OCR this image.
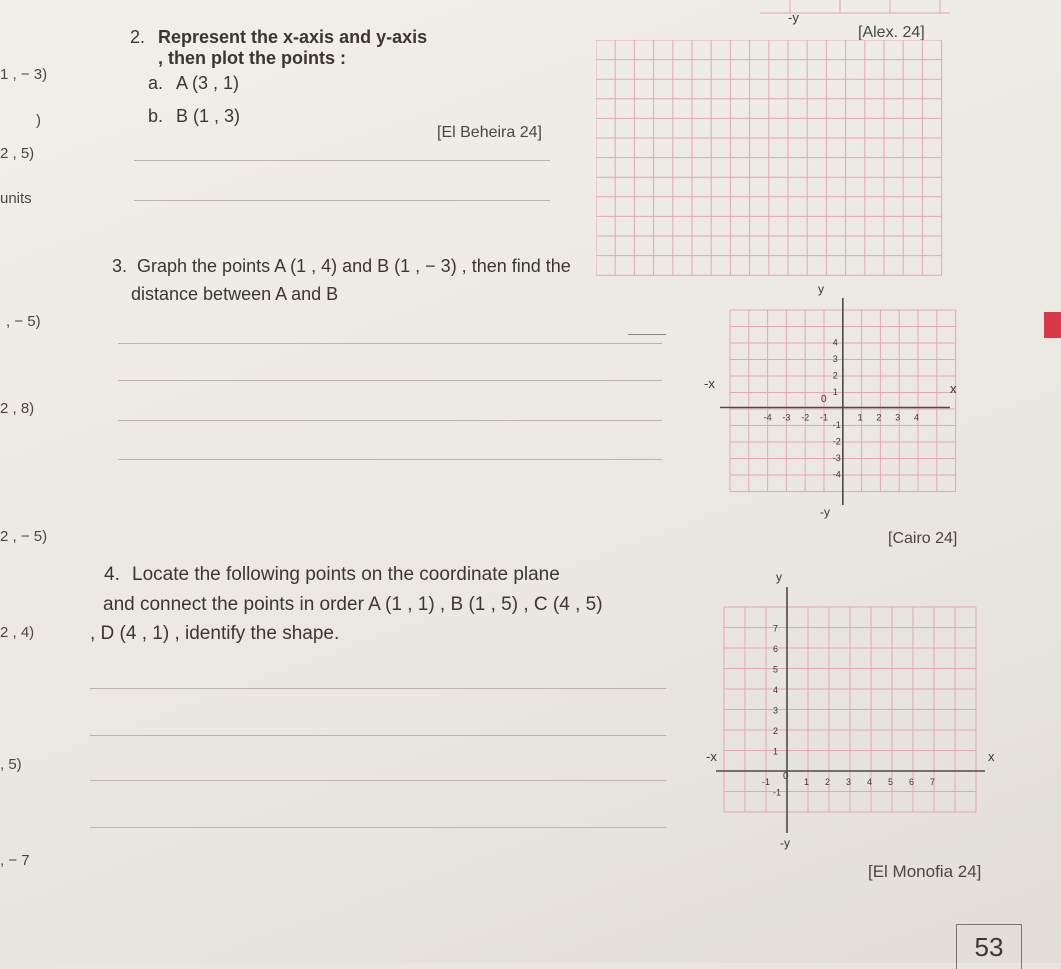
1 , − 3)
)
2 , 5)
units
, − 5)
2 , 8)
2 , − 5)
2 , 4)
, 5)
, − 7
2. Represent the x-axis and y-axis
, then plot the points :
a. A (3 , 1)
b. B (1 , 3)
[El Beheira 24]
[Alex. 24]
-y
3. Graph the points A (1 , 4) and B (1 , − 3) , then find the
distance between A and B
[Cairo 24]
y
-y
x
-x
0
-4 -3 -2 -1	1 2 3 4
4
3
2
1
-1
-2
-3
-4
4. Locate the following points on the coordinate plane
and connect the points in order A (1 , 1) , B (1 , 5) , C (4 , 5)
, D (4 , 1) , identify the shape.
[El Monofia 24]
y
-y
x
-x
0
-1	1 2 3 4 5 6 7
7
6
5
4
3
2
1
-1
53
